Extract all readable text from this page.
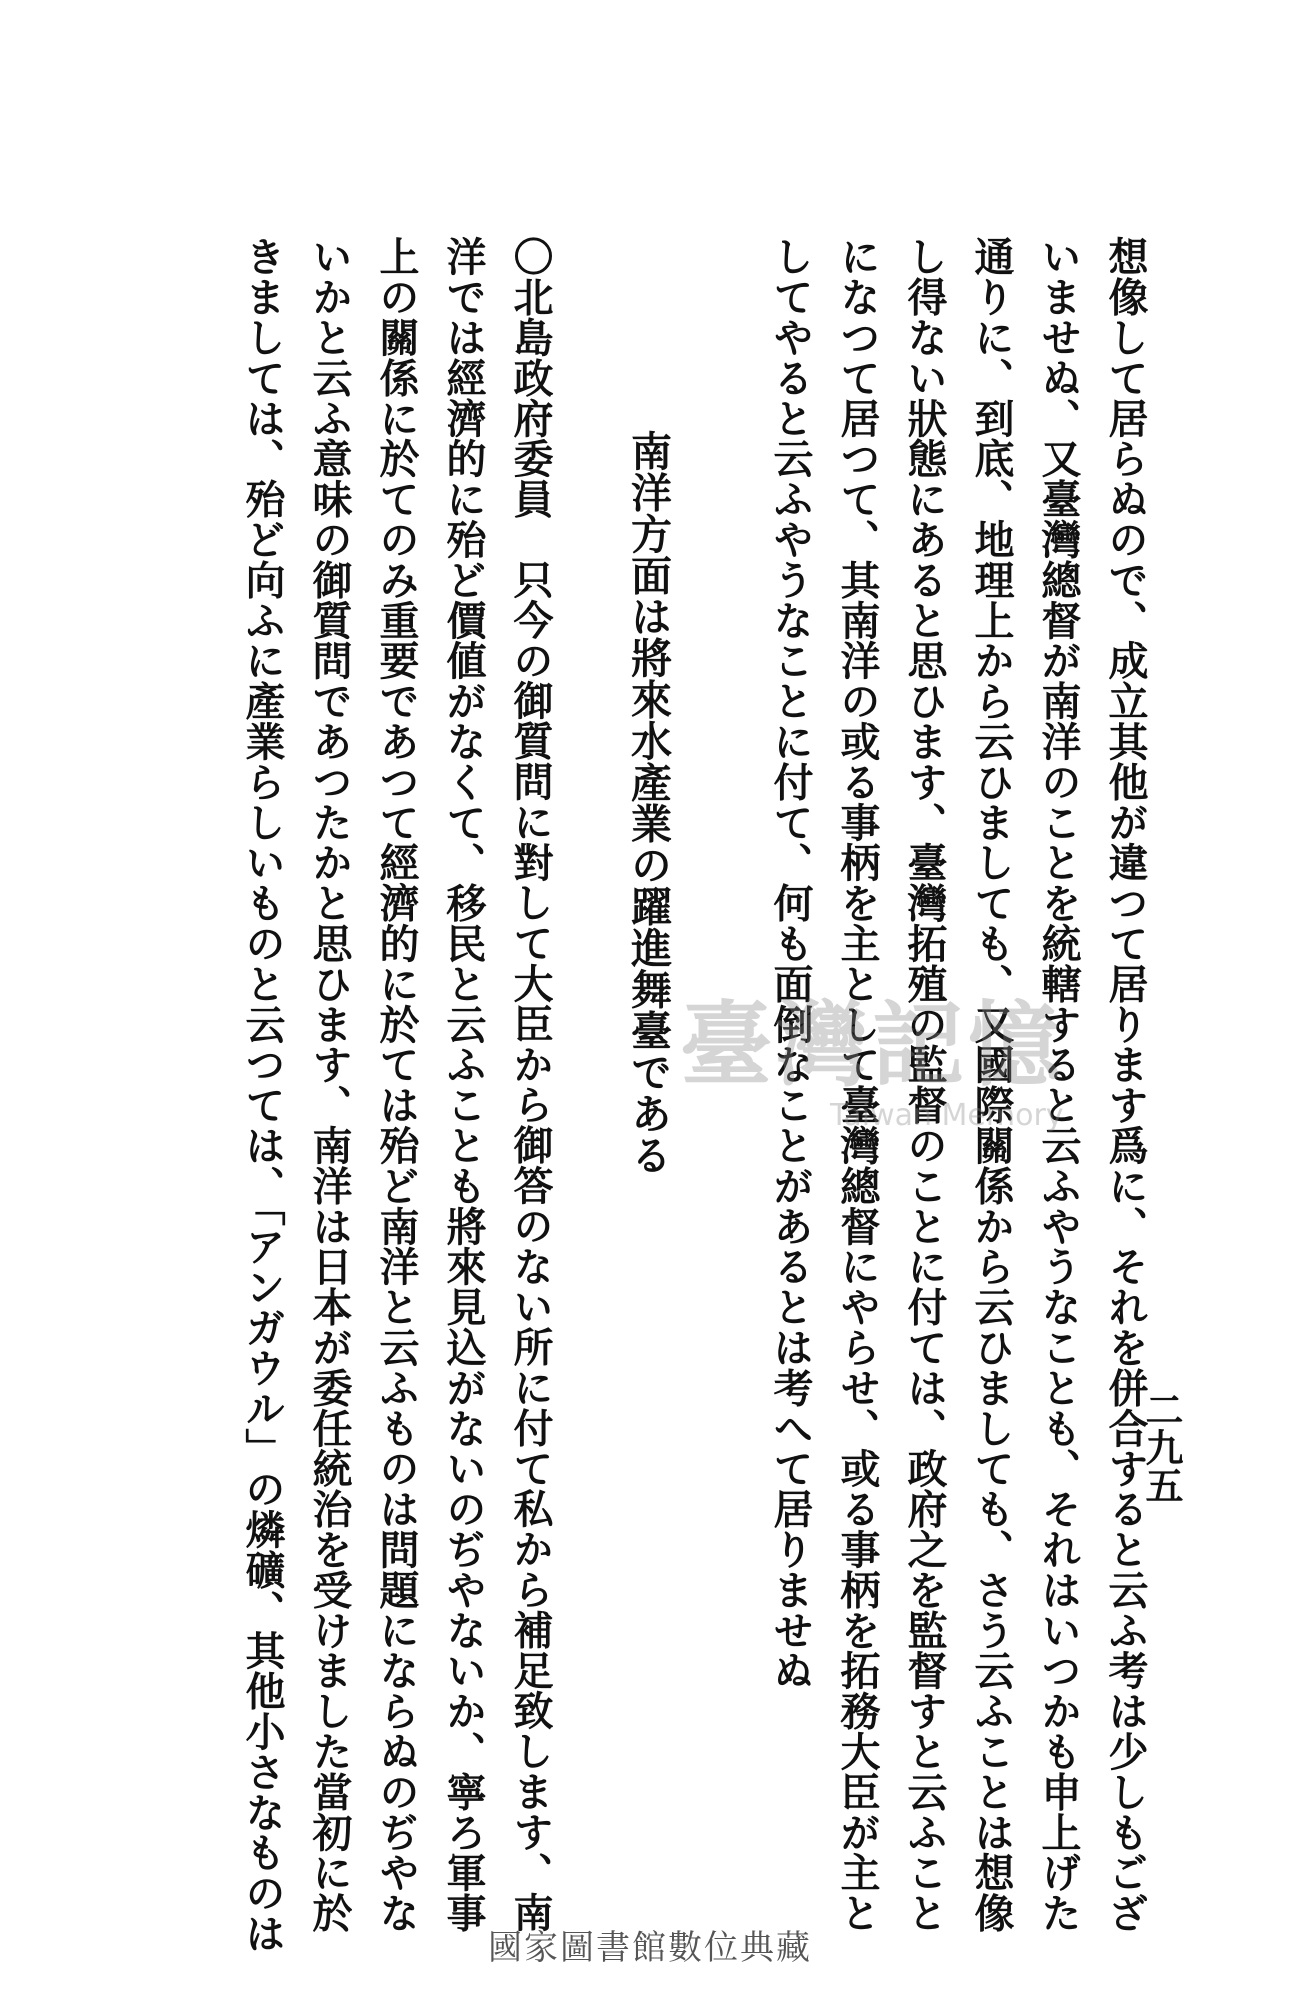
想像して居らぬので、成立其他が違つて居ります爲に、それを併合すると云ふ考は少しもござ
いませぬ、又臺灣總督が南洋のことを統轄すると云ふやうなことも、それはいつかも申上げた
通りに、到底、地理上から云ひましても、又國際關係から云ひましても、さう云ふことは想像
し得ない狀態にあると思ひます、臺灣拓殖の監督のことに付ては、政府之を監督すと云ふこと
になつて居つて、其南洋の或る事柄を主として臺灣總督にやらせ、或る事柄を拓務大臣が主と
してやると云ふやうなことに付て、何も面倒なことがあるとは考へて居りませぬ
南洋方面は將來水產業の躍進舞臺である
〇北島政府委員只今の御質問に對して大臣から御答のない所に付て私から補足致します、南
洋では經濟的に殆ど價値がなくて、移民と云ふことも將來見込がないのぢやないか、寧ろ軍事
上の關係に於てのみ重要であつて經濟的に於ては殆ど南洋と云ふものは問題にならぬのぢやな
いかと云ふ意味の御質問であつたかと思ひます、南洋は日本が委任統治を受けました當初に於
きましては、殆ど向ふに產業らしいものと云つては、「アンガウル」の燐礦、其他小さなものは	二九五
臺灣記憶
Taiwan Memory
國家圖書館數位典藏
